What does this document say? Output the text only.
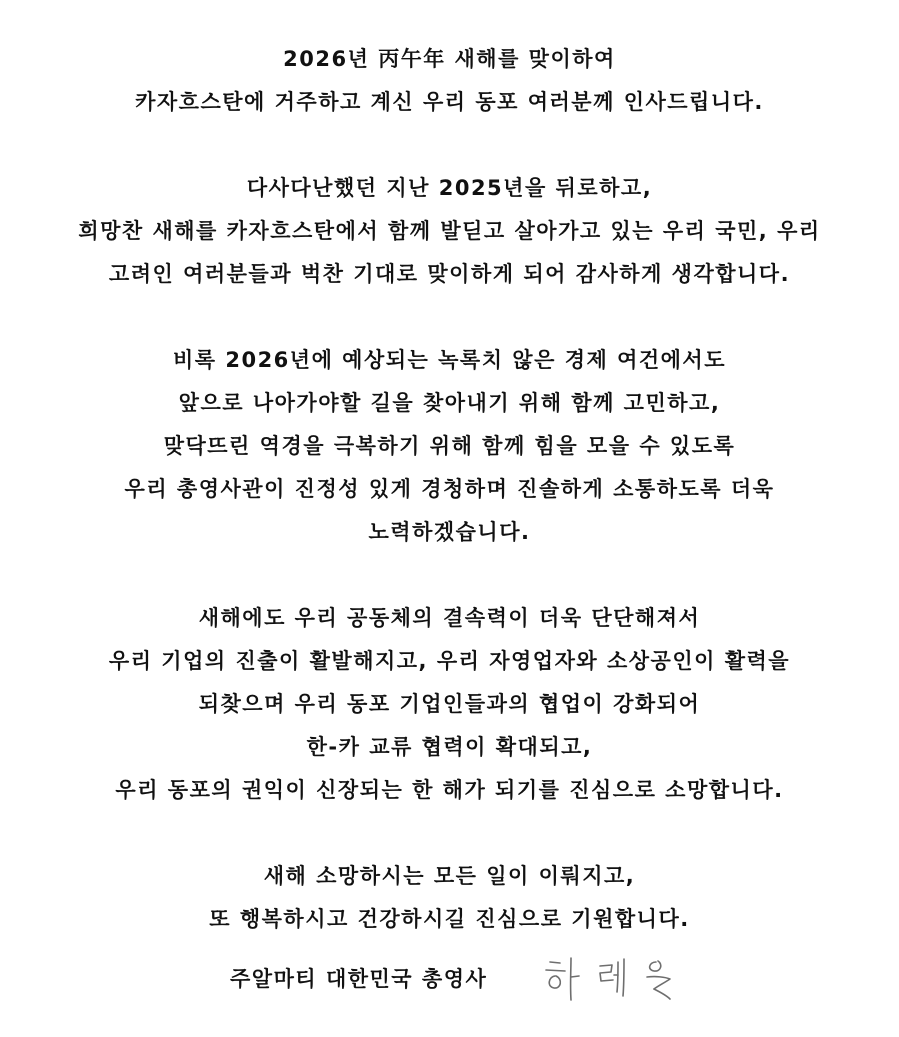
2026년 丙午年 새해를 맞이하여
카자흐스탄에 거주하고 계신 우리 동포 여러분께 인사드립니다.
다사다난했던 지난 2025년을 뒤로하고,
희망찬 새해를 카자흐스탄에서 함께 발딛고 살아가고 있는 우리 국민, 우리
고려인 여러분들과 벅찬 기대로 맞이하게 되어 감사하게 생각합니다.
비록 2026년에 예상되는 녹록치 않은 경제 여건에서도
앞으로 나아가야할 길을 찾아내기 위해 함께 고민하고,
맞닥뜨린 역경을 극복하기 위해 함께 힘을 모을 수 있도록
우리 총영사관이 진정성 있게 경청하며 진솔하게 소통하도록 더욱
노력하겠습니다.
새해에도 우리 공동체의 결속력이 더욱 단단해져서
우리 기업의 진출이 활발해지고, 우리 자영업자와 소상공인이 활력을
되찾으며 우리 동포 기업인들과의 협업이 강화되어
한-카 교류 협력이 확대되고,
우리 동포의 권익이 신장되는 한 해가 되기를 진심으로 소망합니다.
새해 소망하시는 모든 일이 이뤄지고,
또 행복하시고 건강하시길 진심으로 기원합니다.
주알마티 대한민국 총영사
